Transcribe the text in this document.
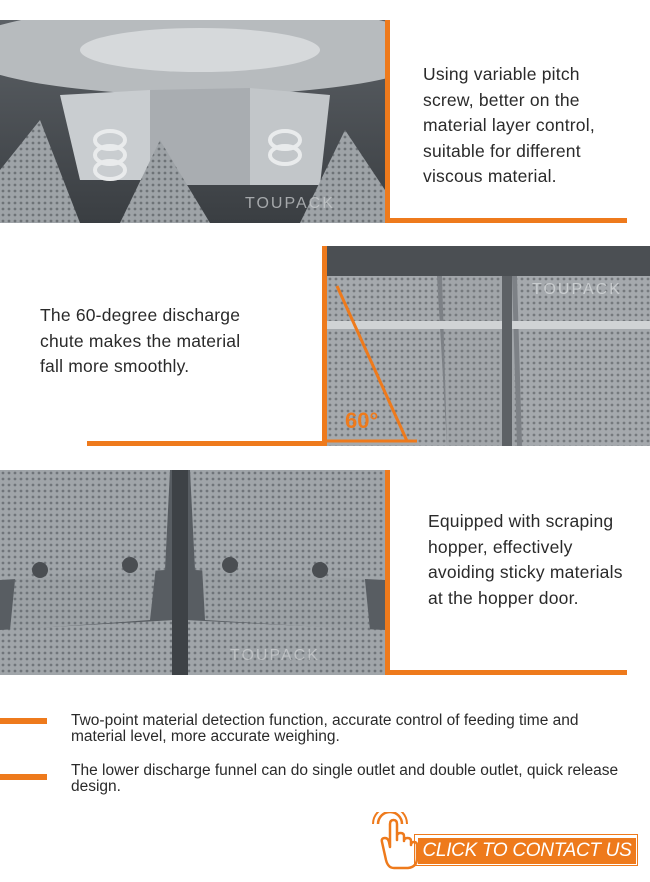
TOUPACK
Using variable pitch screw, better on the material layer control, suitable for different viscous material.
TOUPACK
60°
The 60-degree discharge chute makes the material fall more smoothly.
TOUPACK
Equipped with scraping hopper, effectively avoiding sticky materials at the hopper door.
Two-point material detection function, accurate control of feeding time and material level, more accurate weighing.
The lower discharge funnel can do single outlet and double outlet, quick release design.
CLICK TO CONTACT US
